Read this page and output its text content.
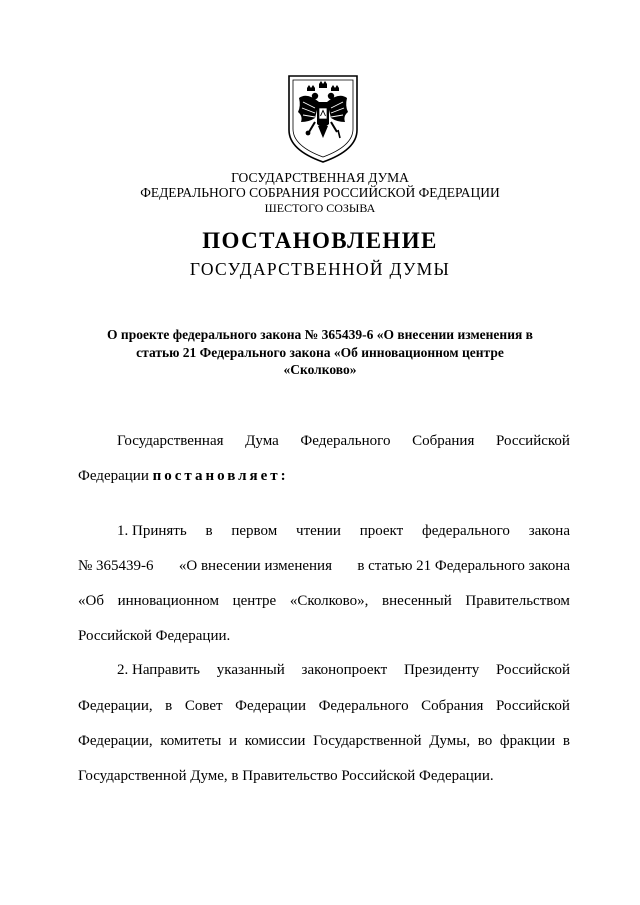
ГОСУДАРСТВЕННАЯ ДУМА
ФЕДЕРАЛЬНОГО СОБРАНИЯ РОССИЙСКОЙ ФЕДЕРАЦИИ
ШЕСТОГО СОЗЫВА
ПОСТАНОВЛЕНИЕ
ГОСУДАРСТВЕННОЙ ДУМЫ
О проекте федерального закона № 365439-6 «О внесении изменения в
статью 21 Федерального закона «Об инновационном центре
«Сколково»
Государственная Дума Федерального Собрания Российской
Федерации постановляет:
1. Принять в первом чтении проект федерального закона
№ 365439-6 «О внесении изменения в статью 21 Федерального закона
«Об инновационном центре «Сколково», внесенный Правительством
Российской Федерации.
2. Направить указанный законопроект Президенту Российской
Федерации, в Совет Федерации Федерального Собрания Российской
Федерации, комитеты и комиссии Государственной Думы, во фракции в
Государственной Думе, в Правительство Российской Федерации.
